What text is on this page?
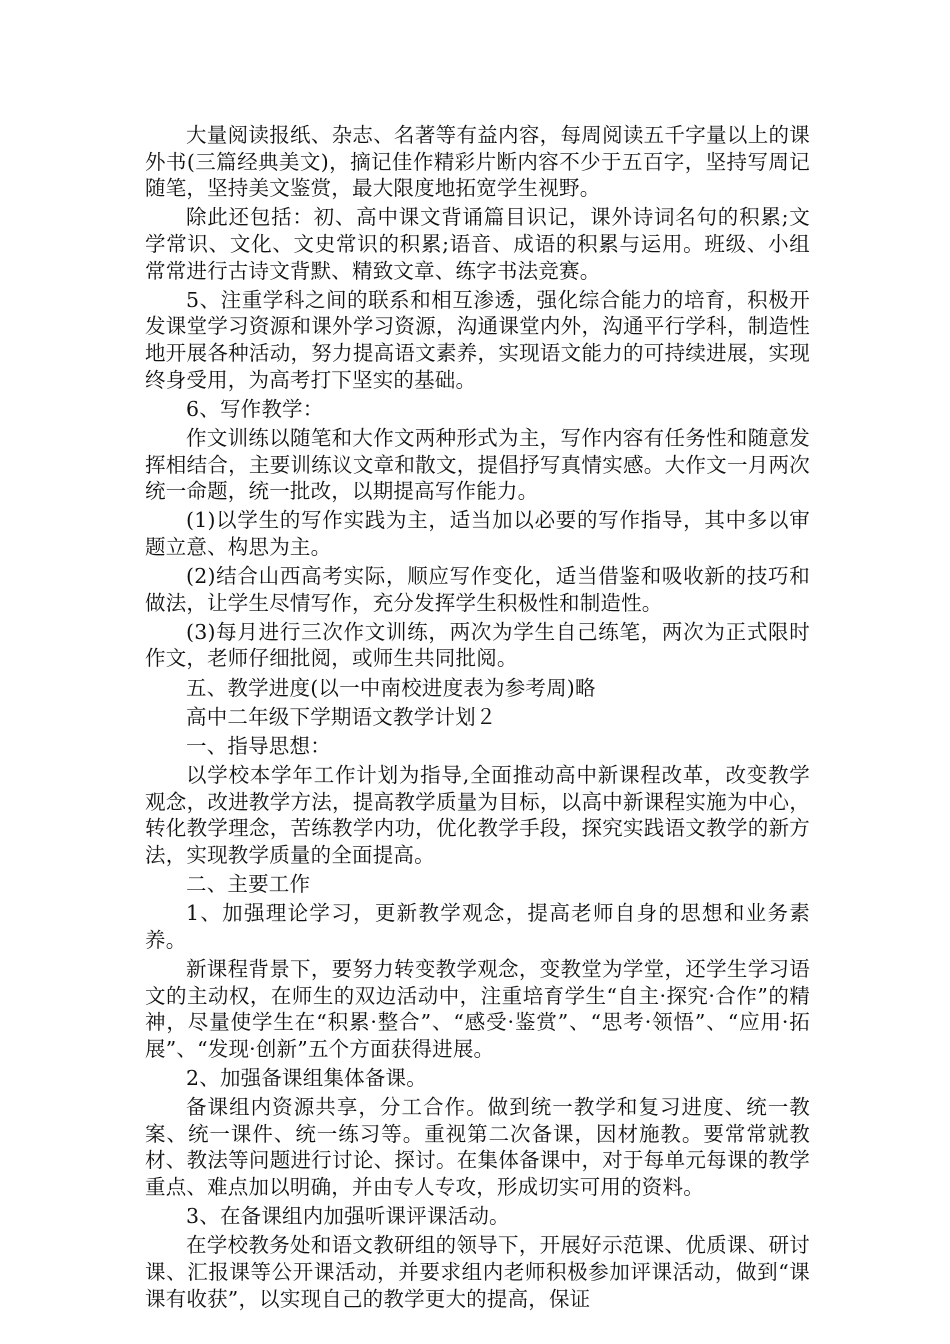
大量阅读报纸、杂志、名著等有益内容，每周阅读五千字量以上的课外书(三篇经典美文)，摘记佳作精彩片断内容不少于五百字，坚持写周记随笔，坚持美文鉴赏，最大限度地拓宽学生视野。

除此还包括：初、高中课文背诵篇目识记，课外诗词名句的积累;文学常识、文化、文史常识的积累;语音、成语的积累与运用。班级、小组常常进行古诗文背默、精致文章、练字书法竞赛。

5、注重学科之间的联系和相互渗透，强化综合能力的培育，积极开发课堂学习资源和课外学习资源，沟通课堂内外，沟通平行学科，制造性地开展各种活动，努力提高语文素养，实现语文能力的可持续进展，实现终身受用，为高考打下坚实的基础。

6、写作教学：

作文训练以随笔和大作文两种形式为主，写作内容有任务性和随意发挥相结合，主要训练议文章和散文，提倡抒写真情实感。大作文一月两次统一命题，统一批改，以期提高写作能力。

(1)以学生的写作实践为主，适当加以必要的写作指导，其中多以审题立意、构思为主。

(2)结合山西高考实际，顺应写作变化，适当借鉴和吸收新的技巧和做法，让学生尽情写作，充分发挥学生积极性和制造性。

(3)每月进行三次作文训练，两次为学生自己练笔，两次为正式限时作文，老师仔细批阅，或师生共同批阅。

五、教学进度(以一中南校进度表为参考周)略

高中二年级下学期语文教学计划２

一、指导思想：

以学校本学年工作计划为指导,全面推动高中新课程改革，改变教学观念，改进教学方法，提高教学质量为目标，以高中新课程实施为中心，转化教学理念，苦练教学内功，优化教学手段，探究实践语文教学的新方法，实现教学质量的全面提高。

二、主要工作

1、加强理论学习，更新教学观念，提高老师自身的思想和业务素养。

新课程背景下，要努力转变教学观念，变教堂为学堂，还学生学习语文的主动权，在师生的双边活动中，注重培育学生“自主·探究·合作”的精神，尽量使学生在“积累·整合”、“感受·鉴赏”、“思考·领悟”、“应用·拓展”、“发现·创新”五个方面获得进展。

2、加强备课组集体备课。

备课组内资源共享，分工合作。做到统一教学和复习进度、统一教案、统一课件、统一练习等。重视第二次备课，因材施教。要常常就教材、教法等问题进行讨论、探讨。在集体备课中，对于每单元每课的教学重点、难点加以明确，并由专人专攻，形成切实可用的资料。

3、在备课组内加强听课评课活动。

在学校教务处和语文教研组的领导下，开展好示范课、优质课、研讨课、汇报课等公开课活动，并要求组内老师积极参加评课活动，做到“课课有收获”，以实现自己的教学更大的提高，保证
